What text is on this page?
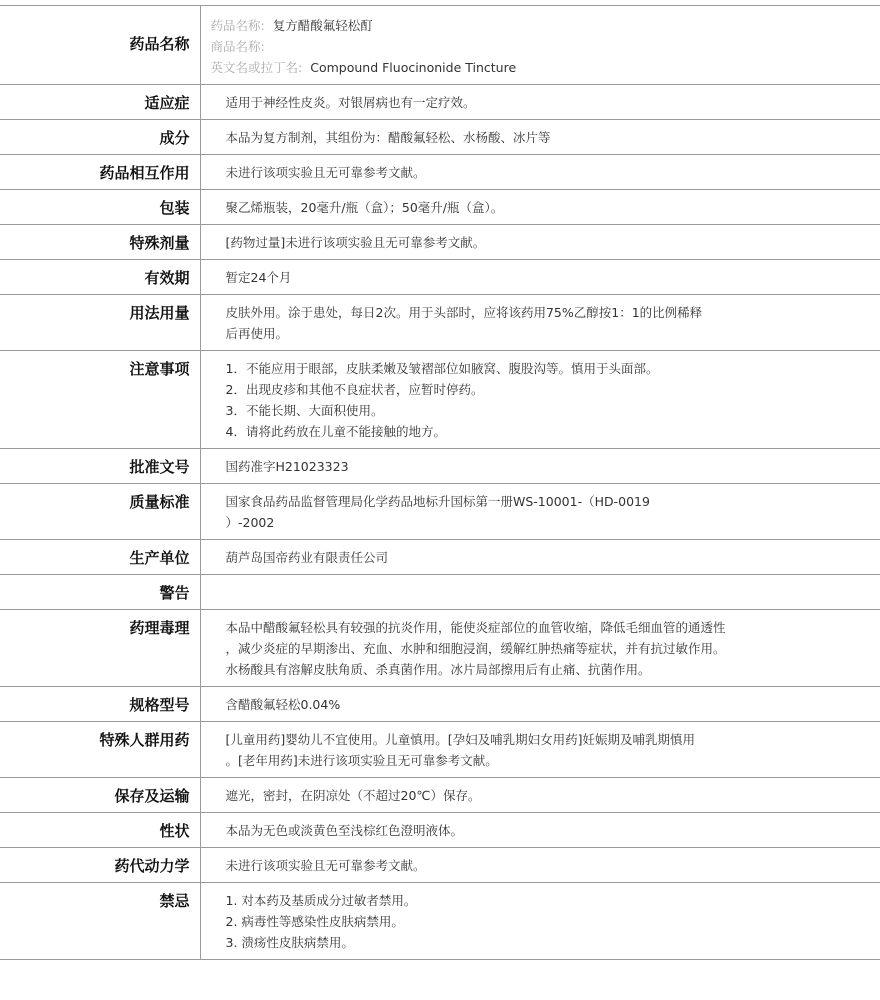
药品名称	药品名称: 复方醋酸氟轻松酊
商品名称:
英文名或拉丁名: Compound Fluocinonide Tincture

适应症	适用于神经性皮炎。对银屑病也有一定疗效。

成分	本品为复方制剂，其组份为：醋酸氟轻松、水杨酸、冰片等

药品相互作用	未进行该项实验且无可靠参考文献。

包装	聚乙烯瓶装，20毫升/瓶（盒）；50毫升/瓶（盒）。

特殊剂量	[药物过量]未进行该项实验且无可靠参考文献。

有效期	暂定24个月

用法用量	皮肤外用。涂于患处，每日2次。用于头部时，应将该药用75%乙醇按1：1的比例稀释
后再使用。

注意事项	1．不能应用于眼部，皮肤柔嫩及皱褶部位如腋窝、腹股沟等。慎用于头面部。
2．出现皮疹和其他不良症状者，应暂时停药。
3．不能长期、大面积使用。
4．请将此药放在儿童不能接触的地方。

批准文号	国药准字H21023323

质量标准	国家食品药品监督管理局化学药品地标升国标第一册WS-10001-（HD-0019
）-2002

生产单位	葫芦岛国帝药业有限责任公司

警告	

药理毒理	本品中醋酸氟轻松具有较强的抗炎作用，能使炎症部位的血管收缩，降低毛细血管的通透性
，减少炎症的早期渗出、充血、水肿和细胞浸润，缓解红肿热痛等症状，并有抗过敏作用。
水杨酸具有溶解皮肤角质、杀真菌作用。冰片局部擦用后有止痛、抗菌作用。

规格型号	含醋酸氟轻松0.04%

特殊人群用药	[儿童用药]婴幼儿不宜使用。儿童慎用。[孕妇及哺乳期妇女用药]妊娠期及哺乳期慎用
。[老年用药]未进行该项实验且无可靠参考文献。

保存及运输	遮光，密封，在阴凉处（不超过20℃）保存。

性状	本品为无色或淡黄色至浅棕红色澄明液体。

药代动力学	未进行该项实验且无可靠参考文献。

禁忌	1. 对本药及基质成分过敏者禁用。
2. 病毒性等感染性皮肤病禁用。
3. 溃疡性皮肤病禁用。
